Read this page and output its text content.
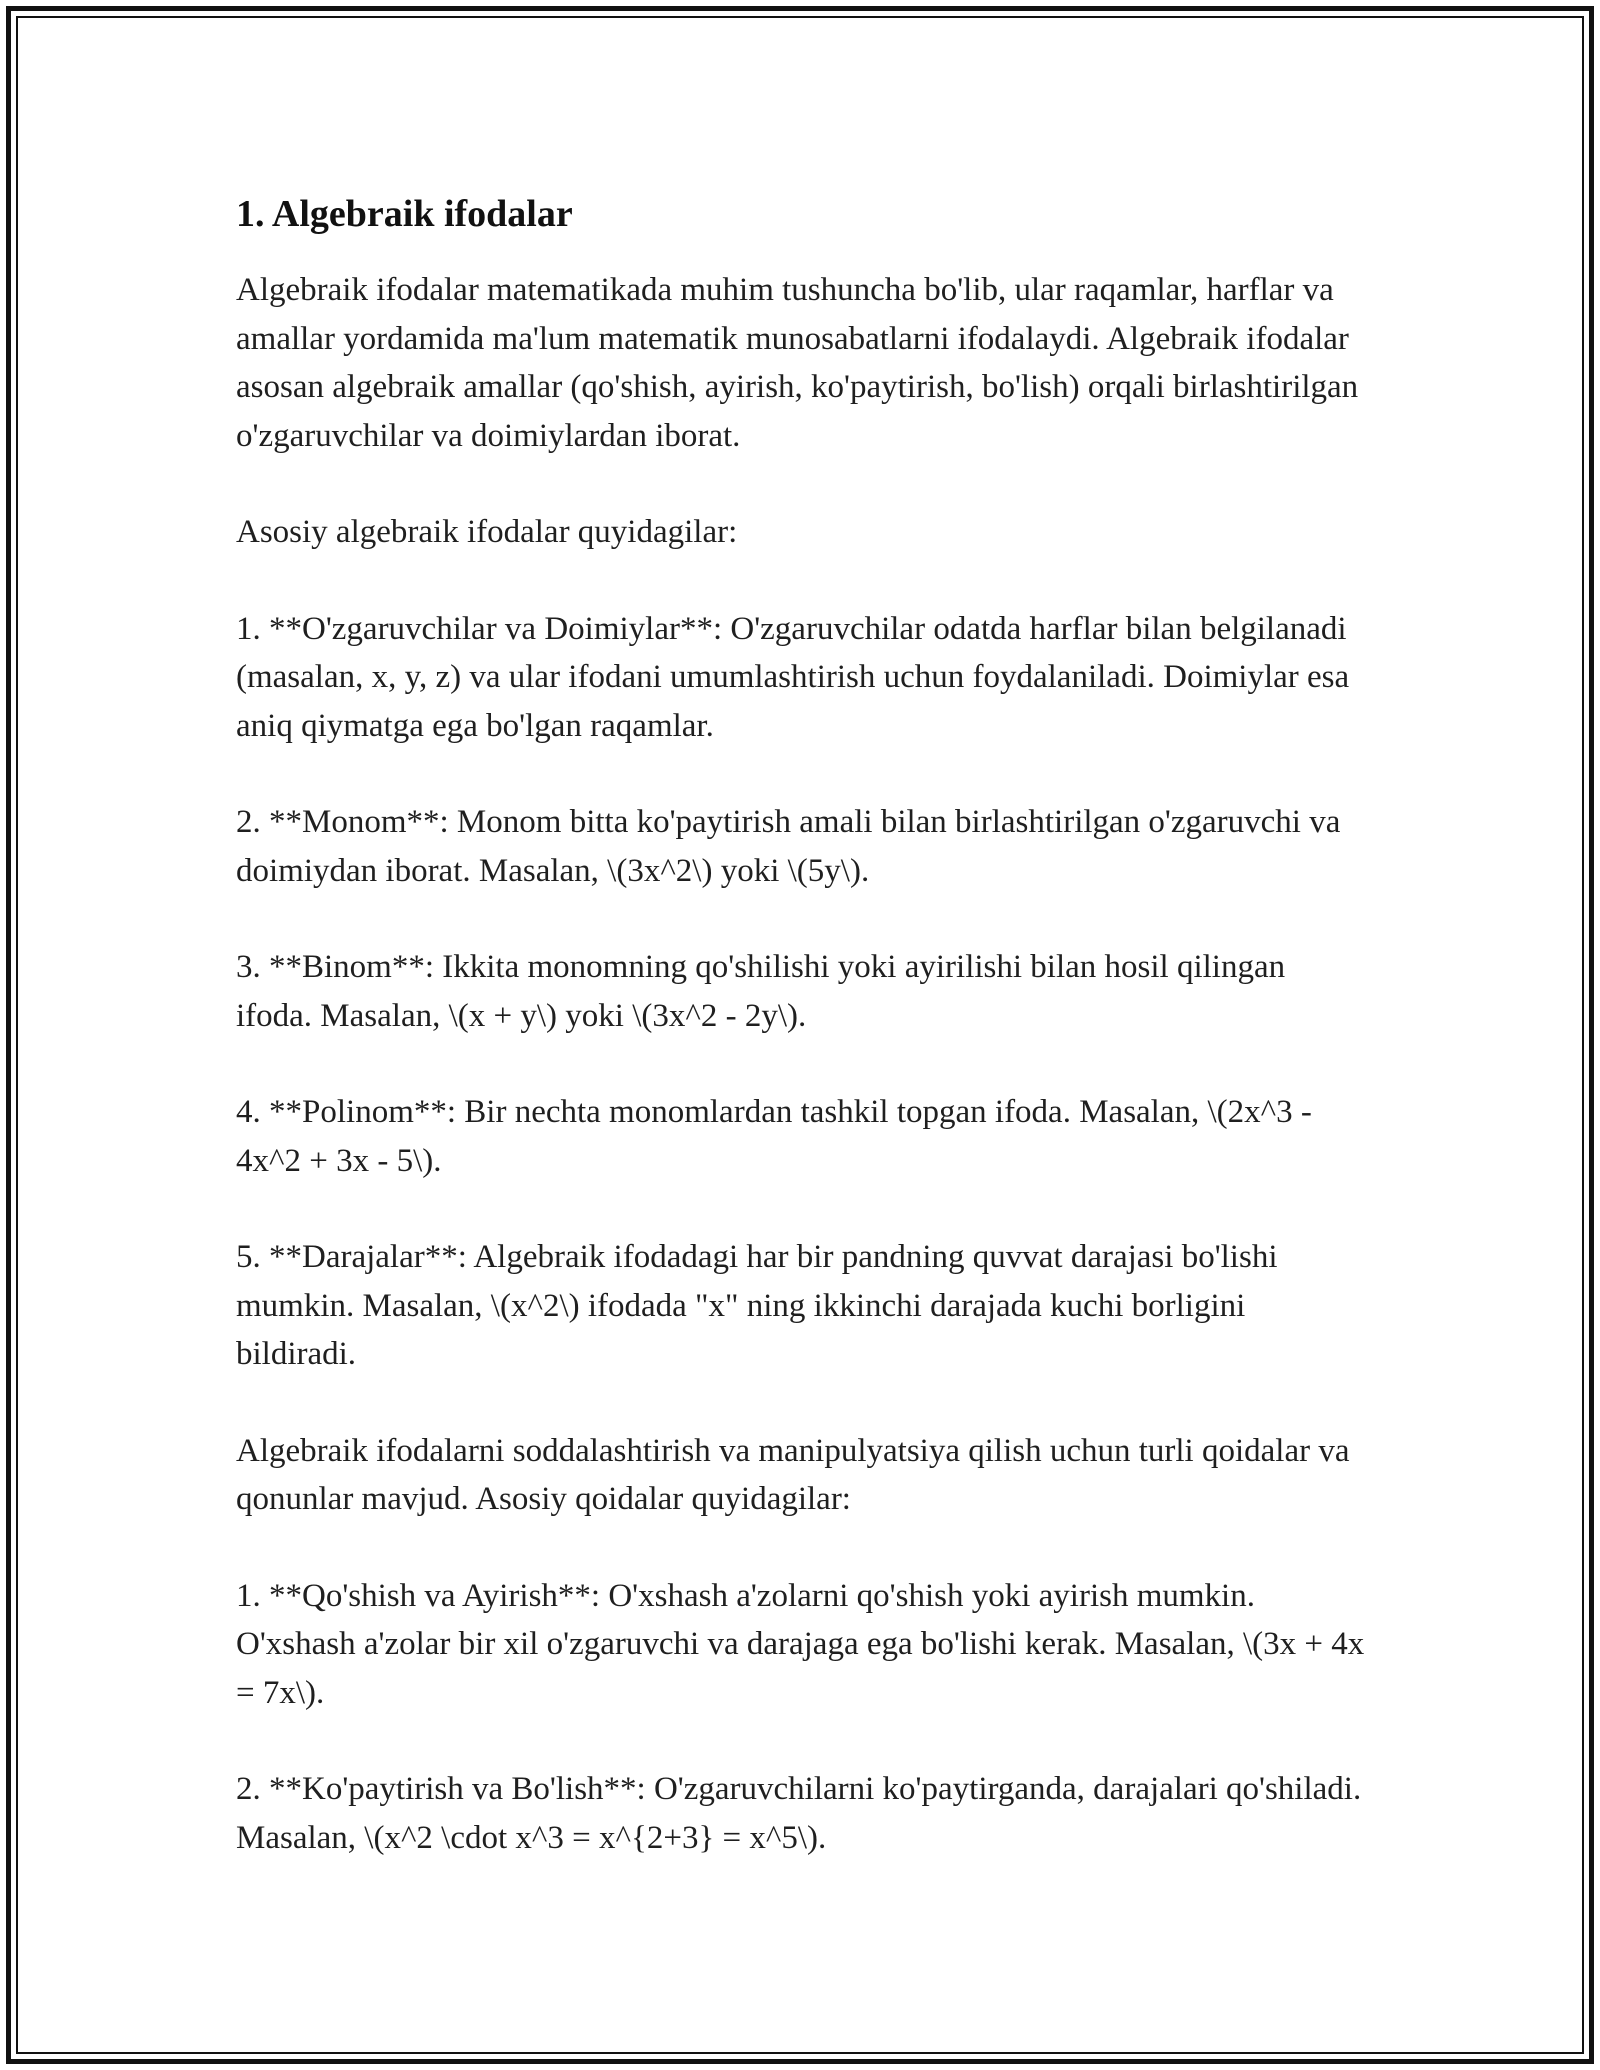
1. Algebraik ifodalar

Algebraik ifodalar matematikada muhim tushuncha bo'lib, ular raqamlar, harflar va amallar yordamida ma'lum matematik munosabatlarni ifodalaydi. Algebraik ifodalar asosan algebraik amallar (qo'shish, ayirish, ko'paytirish, bo'lish) orqali birlashtirilgan o'zgaruvchilar va doimiylardan iborat.

Asosiy algebraik ifodalar quyidagilar:

1. **O'zgaruvchilar va Doimiylar**: O'zgaruvchilar odatda harflar bilan belgilanadi (masalan, x, y, z) va ular ifodani umumlashtirish uchun foydalaniladi. Doimiylar esa aniq qiymatga ega bo'lgan raqamlar.

2. **Monom**: Monom bitta ko'paytirish amali bilan birlashtirilgan o'zgaruvchi va doimiydan iborat. Masalan, \(3x^2\) yoki \(5y\).

3. **Binom**: Ikkita monomning qo'shilishi yoki ayirilishi bilan hosil qilingan ifoda. Masalan, \(x + y\) yoki \(3x^2 - 2y\).

4. **Polinom**: Bir nechta monomlardan tashkil topgan ifoda. Masalan, \(2x^3 - 4x^2 + 3x - 5\).

5. **Darajalar**: Algebraik ifodadagi har bir pandning quvvat darajasi bo'lishi mumkin. Masalan, \(x^2\) ifodada "x" ning ikkinchi darajada kuchi borligini bildiradi.

Algebraik ifodalarni soddalashtirish va manipulyatsiya qilish uchun turli qoidalar va qonunlar mavjud. Asosiy qoidalar quyidagilar:

1. **Qo'shish va Ayirish**: O'xshash a'zolarni qo'shish yoki ayirish mumkin. O'xshash a'zolar bir xil o'zgaruvchi va darajaga ega bo'lishi kerak. Masalan, \(3x + 4x = 7x\).

2. **Ko'paytirish va Bo'lish**: O'zgaruvchilarni ko'paytirganda, darajalari qo'shiladi. Masalan, \(x^2 \cdot x^3 = x^{2+3} = x^5\).
